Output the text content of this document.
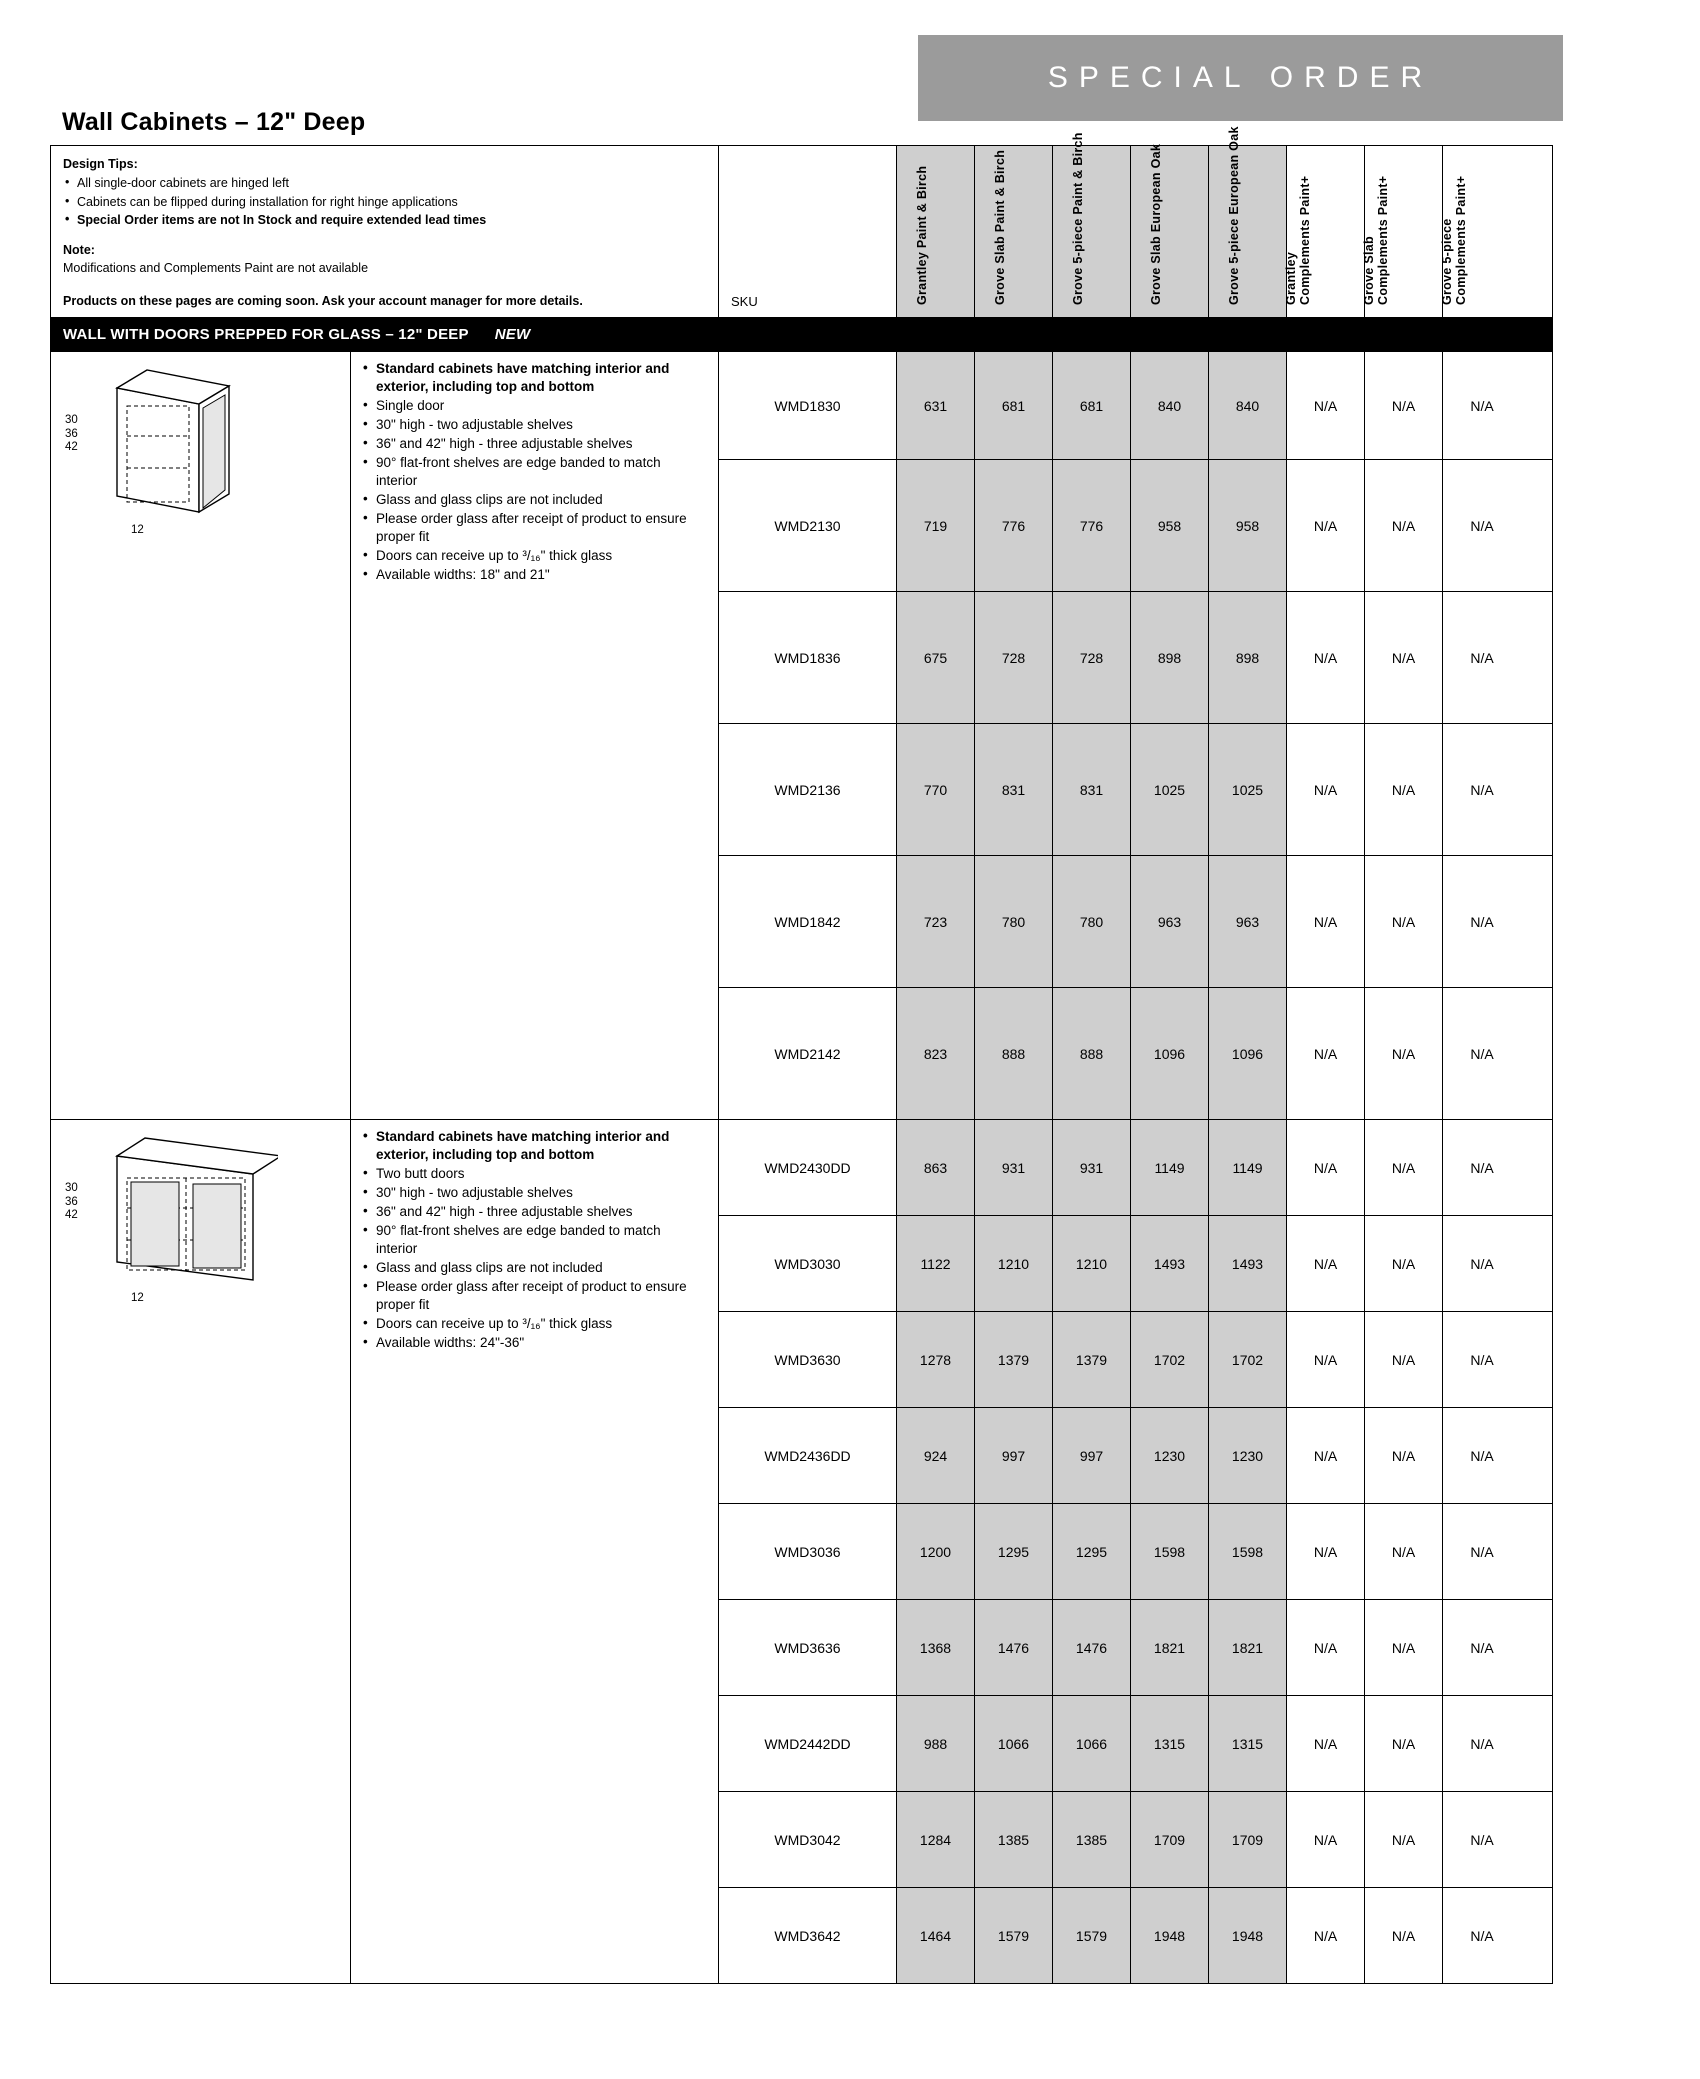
SPECIAL ORDER
Wall Cabinets – 12" Deep
Design Tips:
• All single-door cabinets are hinged left
• Cabinets can be flipped during installation for right hinge applications
• Special Order items are not In Stock and require extended lead times
Note:
Modifications and Complements Paint are not available
Products on these pages are coming soon. Ask your account manager for more details.	SKU	Grantley Paint & Birch	Grove Slab Paint & Birch	Grove 5-piece Paint & Birch	Grove Slab European Oak	Grove 5-piece European Oak	Grantley Complements Paint+	Grove Slab Complements Paint+	Grove 5-piece Complements Paint+
WALL WITH DOORS PREPPED FOR GLASS – 12" DEEP NEW
30
36
42
12
• Standard cabinets have matching interior and exterior, including top and bottom
• Single door
• 30" high - two adjustable shelves
• 36" and 42" high - three adjustable shelves
• 90° flat-front shelves are edge banded to match interior
• Glass and glass clips are not included
• Please order glass after receipt of product to ensure proper fit
• Doors can receive up to ³/₁₆" thick glass
• Available widths: 18" and 21"
WMD1830	631	681	681	840	840	N/A	N/A	N/A
WMD2130	719	776	776	958	958	N/A	N/A	N/A
WMD1836	675	728	728	898	898	N/A	N/A	N/A
WMD2136	770	831	831	1025	1025	N/A	N/A	N/A
WMD1842	723	780	780	963	963	N/A	N/A	N/A
WMD2142	823	888	888	1096	1096	N/A	N/A	N/A
30
36
42
12
• Standard cabinets have matching interior and exterior, including top and bottom
• Two butt doors
• 30" high - two adjustable shelves
• 36" and 42" high - three adjustable shelves
• 90° flat-front shelves are edge banded to match interior
• Glass and glass clips are not included
• Please order glass after receipt of product to ensure proper fit
• Doors can receive up to ³/₁₆" thick glass
• Available widths: 24"-36"
WMD2430DD	863	931	931	1149	1149	N/A	N/A	N/A
WMD3030	1122	1210	1210	1493	1493	N/A	N/A	N/A
WMD3630	1278	1379	1379	1702	1702	N/A	N/A	N/A
WMD2436DD	924	997	997	1230	1230	N/A	N/A	N/A
WMD3036	1200	1295	1295	1598	1598	N/A	N/A	N/A
WMD3636	1368	1476	1476	1821	1821	N/A	N/A	N/A
WMD2442DD	988	1066	1066	1315	1315	N/A	N/A	N/A
WMD3042	1284	1385	1385	1709	1709	N/A	N/A	N/A
WMD3642	1464	1579	1579	1948	1948	N/A	N/A	N/A
